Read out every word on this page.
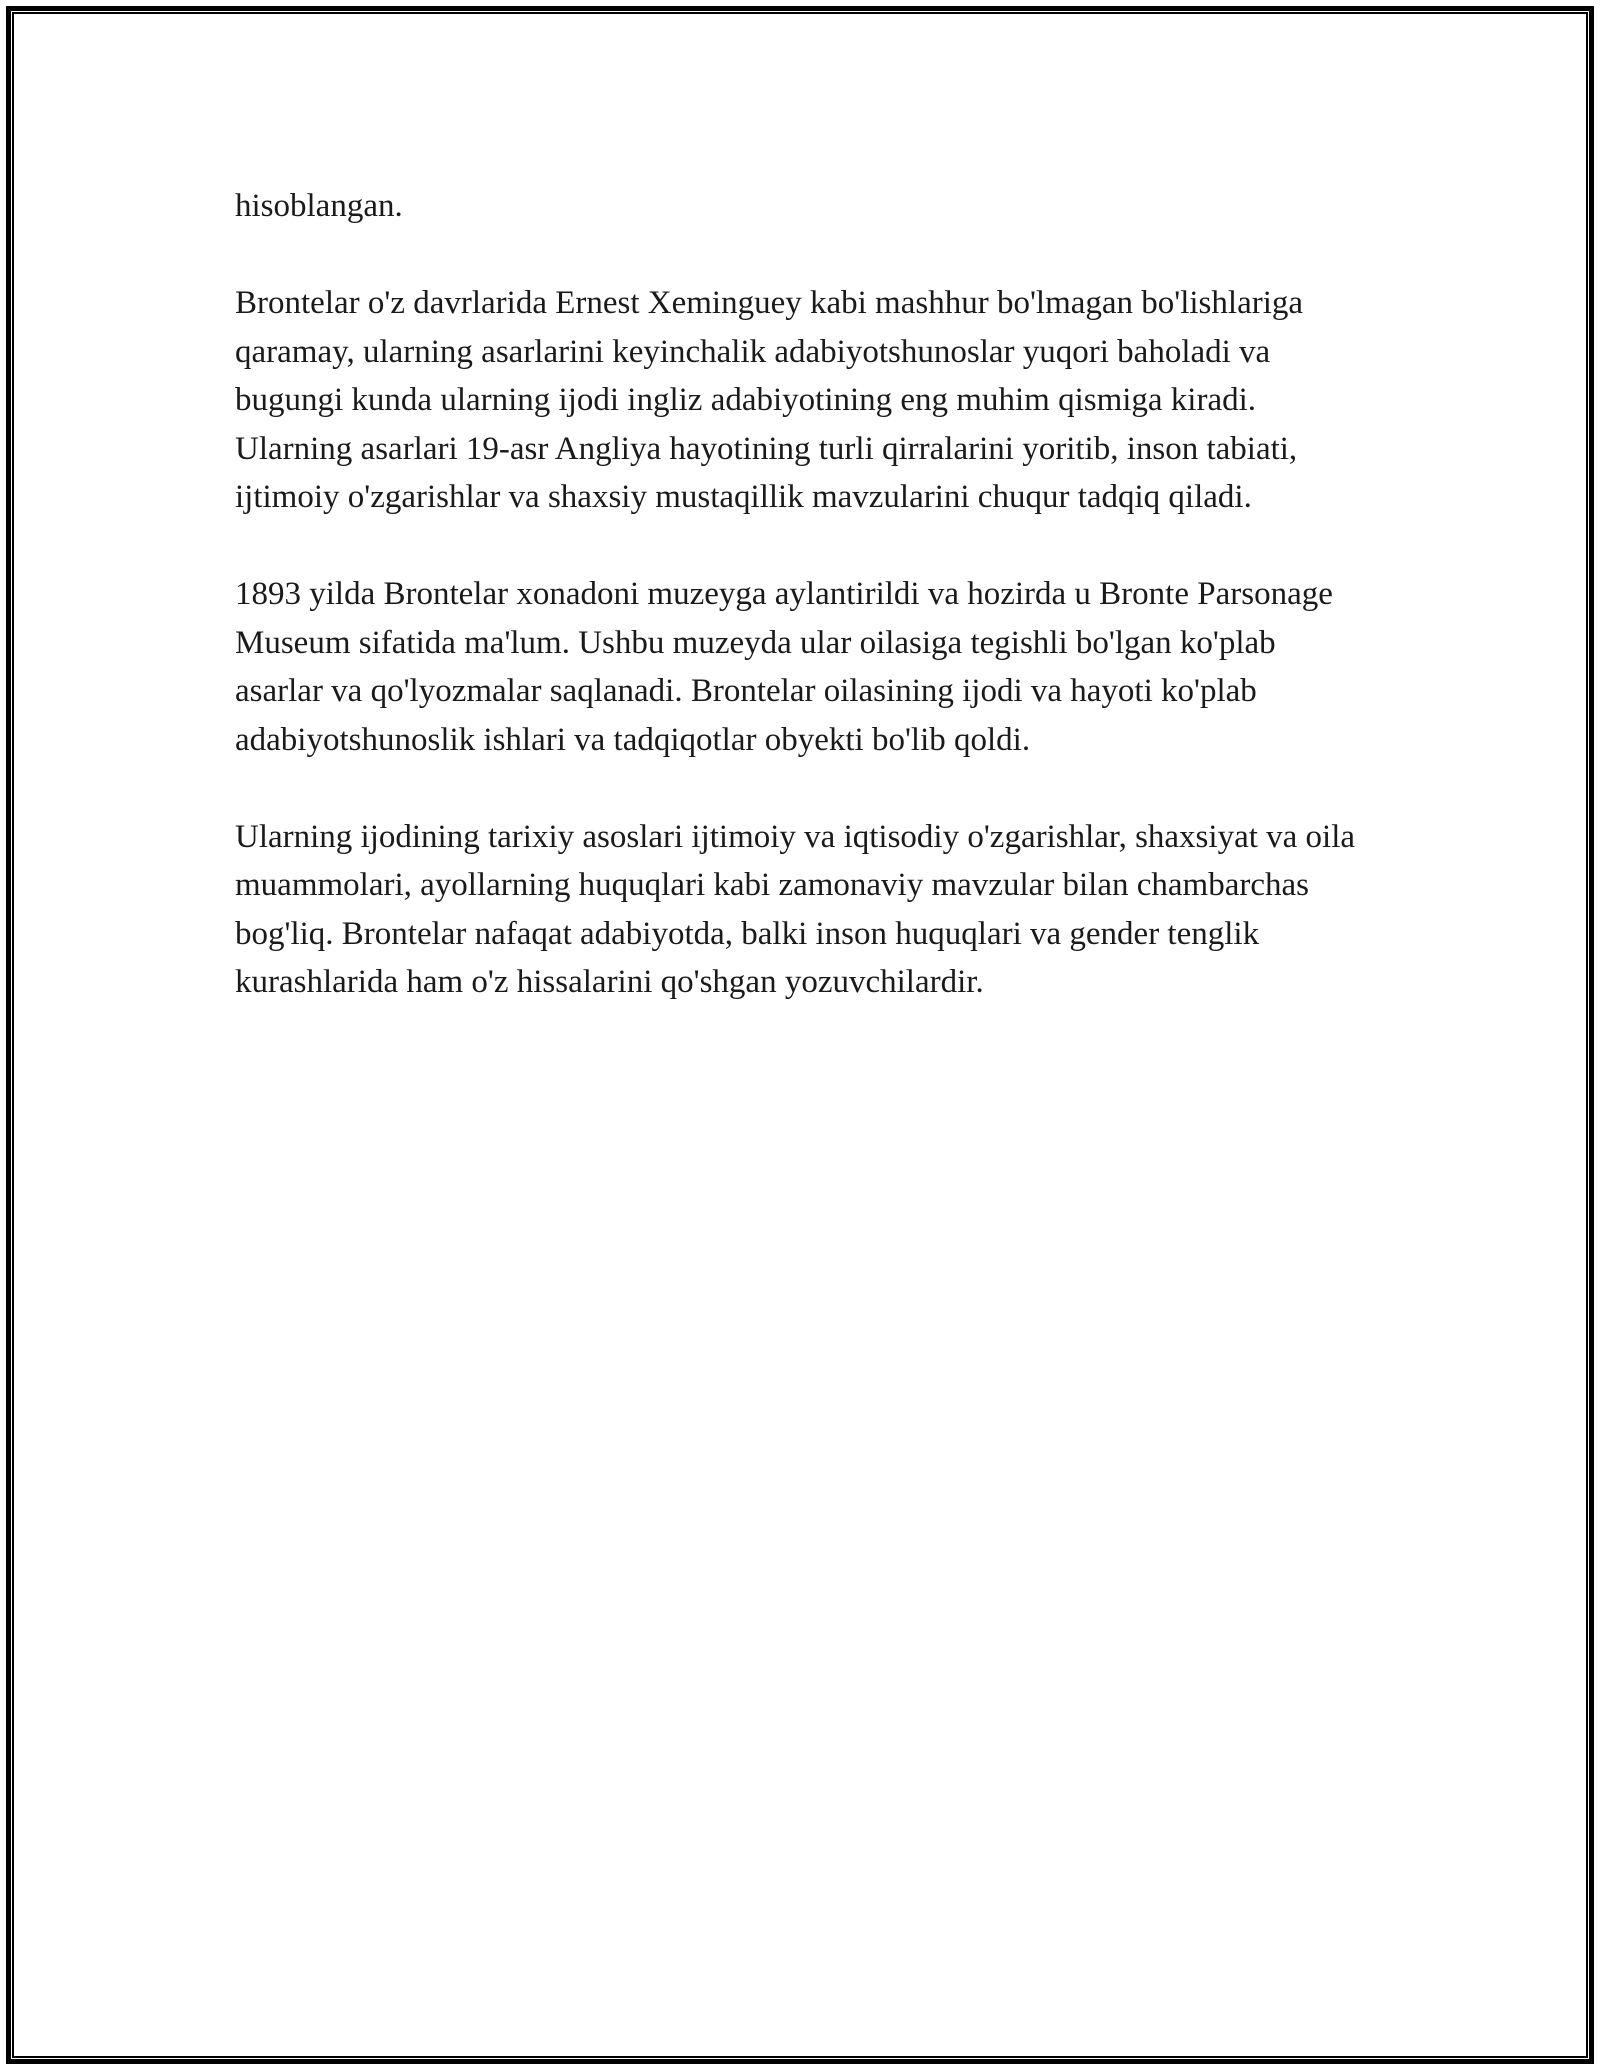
hisoblangan.

Brontelar o'z davrlarida Ernest Xeminguey kabi mashhur bo'lmagan bo'lishlariga qaramay, ularning asarlarini keyinchalik adabiyotshunoslar yuqori baholadi va bugungi kunda ularning ijodi ingliz adabiyotining eng muhim qismiga kiradi. Ularning asarlari 19-asr Angliya hayotining turli qirralarini yoritib, inson tabiati, ijtimoiy o'zgarishlar va shaxsiy mustaqillik mavzularini chuqur tadqiq qiladi.

1893 yilda Brontelar xonadoni muzeyga aylantirildi va hozirda u Bronte Parsonage Museum sifatida ma'lum. Ushbu muzeyda ular oilasiga tegishli bo'lgan ko'plab asarlar va qo'lyozmalar saqlanadi. Brontelar oilasining ijodi va hayoti ko'plab adabiyotshunoslik ishlari va tadqiqotlar obyekti bo'lib qoldi.

Ularning ijodining tarixiy asoslari ijtimoiy va iqtisodiy o'zgarishlar, shaxsiyat va oila muammolari, ayollarning huquqlari kabi zamonaviy mavzular bilan chambarchas bog'liq. Brontelar nafaqat adabiyotda, balki inson huquqlari va gender tenglik kurashlarida ham o'z hissalarini qo'shgan yozuvchilardir.
